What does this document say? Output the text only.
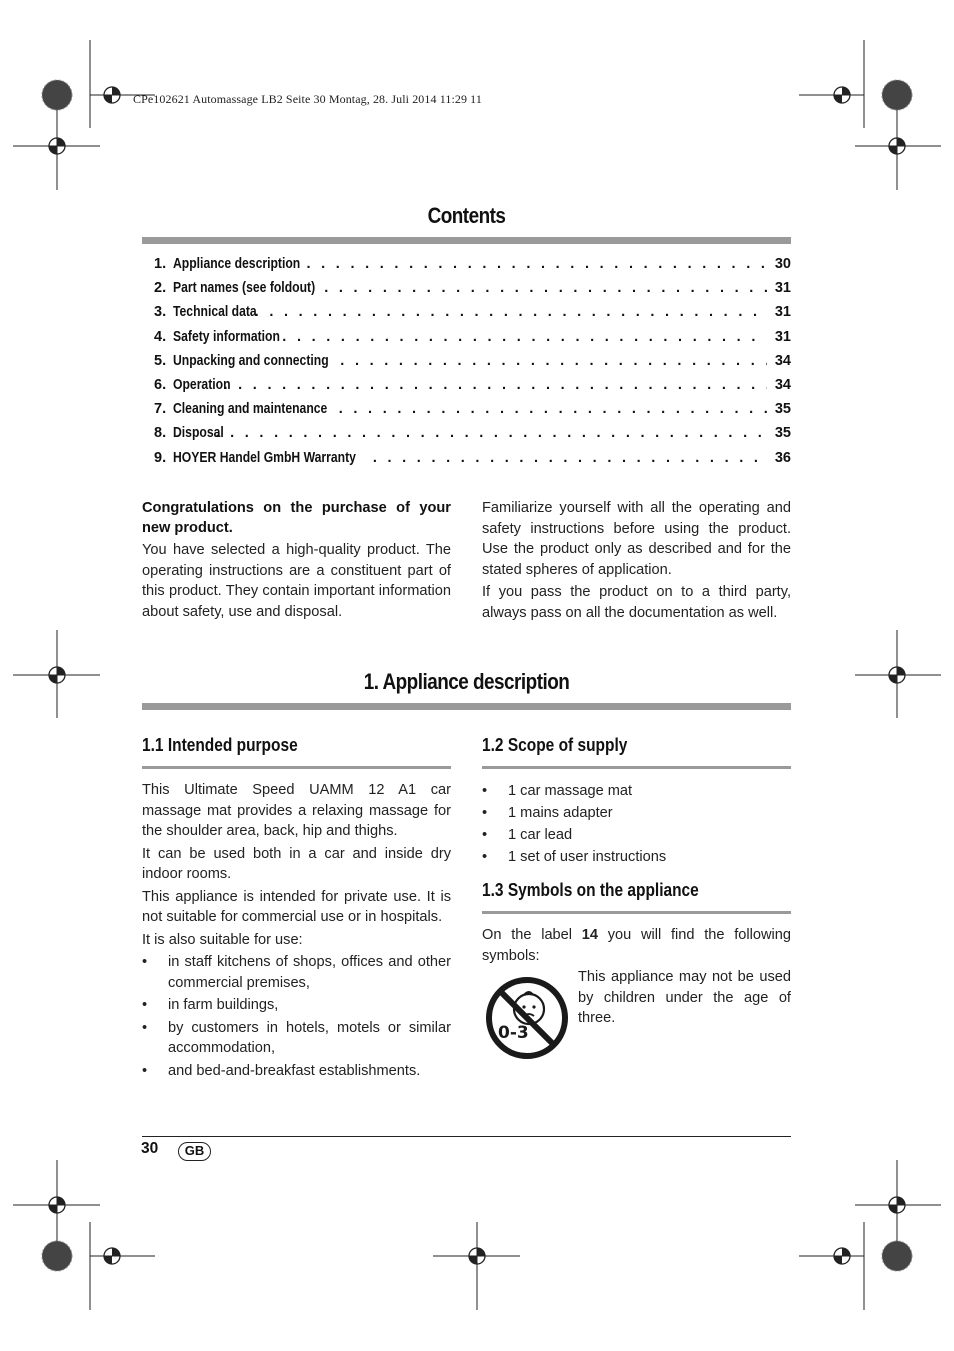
CPe102621 Automassage LB2 Seite 30 Montag, 28. Juli 2014 11:29 11
Contents
1. Appliance description . . .	30
2. Part names (see foldout) . . .	31
3. Technical data . . .	31
4. Safety information . . .	31
5. Unpacking and connecting . . .	34
6. Operation . . .	34
7. Cleaning and maintenance . . .	35
8. Disposal . . .	35
9. HOYER Handel GmbH Warranty . . .	36

Congratulations on the purchase of your new product.

You have selected a high-quality product. The operating instructions are a constituent part of this product. They contain important information about safety, use and disposal.

Familiarize yourself with all the operating and safety instructions before using the product. Use the product only as described and for the stated spheres of application.

If you pass the product on to a third party, always pass on all the documentation as well.

1. Appliance description
1.1 Intended purpose

This Ultimate Speed UAMM 12 A1 car massage mat provides a relaxing massage for the shoulder area, back, hip and thighs.

It can be used both in a car and inside dry indoor rooms.

This appliance is intended for private use. It is not suitable for commercial use or in hospitals.

It is also suitable for use:

•	in staff kitchens of shops, offices and other commercial premises,
•	in farm buildings,
•	by customers in hotels, motels or similar accommodation,
•	and bed-and-breakfast establishments.
1.2 Scope of supply
•	1 car massage mat
•	1 mains adapter
•	1 car lead
•	1 set of user instructions
1.3 Symbols on the appliance

On the label 14 you will find the following symbols:

0-3
This appliance may not be used by children under the age of three.
30	GB
